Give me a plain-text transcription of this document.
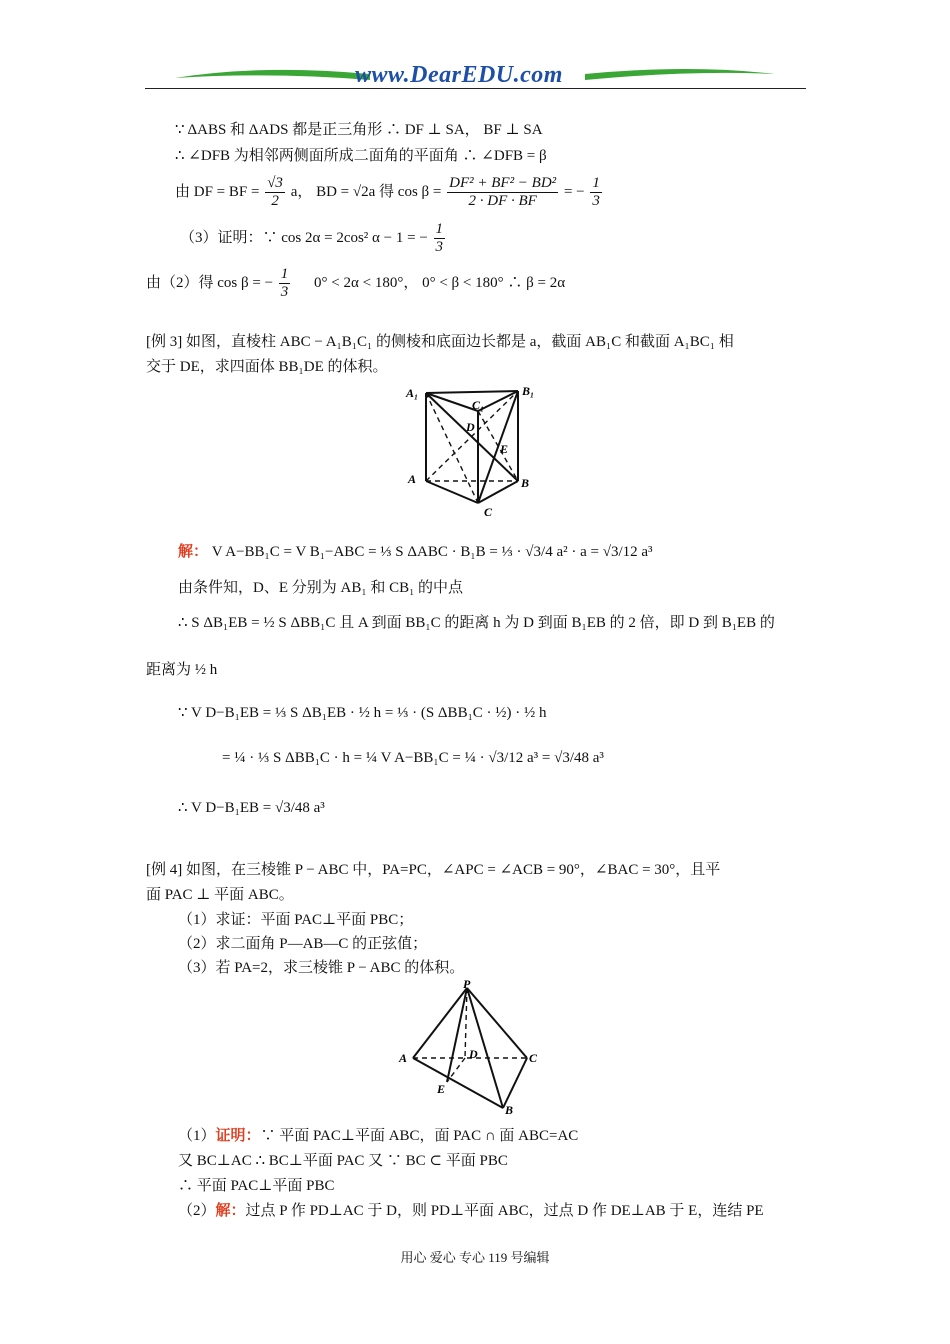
www.DearEDU.com
∵ ΔABS 和 ΔADS 都是正三角形 ∴ DF ⊥ SA， BF ⊥ SA
∴ ∠DFB 为相邻两侧面所成二面角的平面角 ∴ ∠DFB = β
由 DF = BF = $\frac{√3}{2}$ a， BD = √2a 得 $\cos \beta = \frac{\text{DF² + BF² − BD²}}{2 \cdot DF \cdot BF}$ = − $\frac{1}{3}$
（3）证明：∵ cos 2α = 2cos² α − 1 = − $\frac{1}{3}$
由（2）得 cos β = − $\frac{1}{3} 0^\circ < 2\alpha < 180^\circ$， 0° < β < 180° ∴ β = 2α
[例 3] 如图，直棱柱 ABC − A₁B₁C₁ 的侧棱和底面边长都是 a，截面 AB₁C 和截面 A₁BC₁ 相
交于 DE，求四面体 BB₁DE 的体积。
A₁	B₁
C₁
D
E
A	B
C
解： V A−BB₁C = V B₁−ABC = ⅓ S ΔABC · B₁B = ⅓ · √3/4 a² · a = √3/12 a³
由条件知，D、E 分别为 AB₁ 和 CB₁ 的中点
∴ S ΔB₁EB = ½ S ΔBB₁C 且 A 到面 BB₁C 的距离 h 为 D 到面 B₁EB 的 2 倍，即 D 到 B₁EB 的
距离为 ½ h
∵ V D−B₁EB = ⅓ S ΔB₁EB · ½ h = ⅓ · (S ΔBB₁C · ½) · ½ h
= ¼ · ⅓ S ΔBB₁C · h = ¼ V A−BB₁C = ¼ · √3/12 a³ = √3/48 a³
∴ V D−B₁EB = √3/48 a³
[例 4] 如图，在三棱锥 P − ABC 中，PA=PC，∠APC = ∠ACB = 90°，∠BAC = 30°，且平
面 PAC ⊥ 平面 ABC。
（1）求证：平面 PAC⊥平面 PBC；
（2）求二面角 P—AB—C 的正弦值；
（3）若 PA=2，求三棱锥 P − ABC 的体积。
P
A	D	C
E
B
（1）证明：∵ 平面 PAC⊥平面 ABC，面 PAC ∩ 面 ABC=AC
又 BC⊥AC ∴ BC⊥平面 PAC 又 ∵ BC ⊂ 平面 PBC
∴ 平面 PAC⊥平面 PBC
（2）解：过点 P 作 PD⊥AC 于 D，则 PD⊥平面 ABC，过点 D 作 DE⊥AB 于 E，连结 PE
用心 爱心 专心 119 号编辑
